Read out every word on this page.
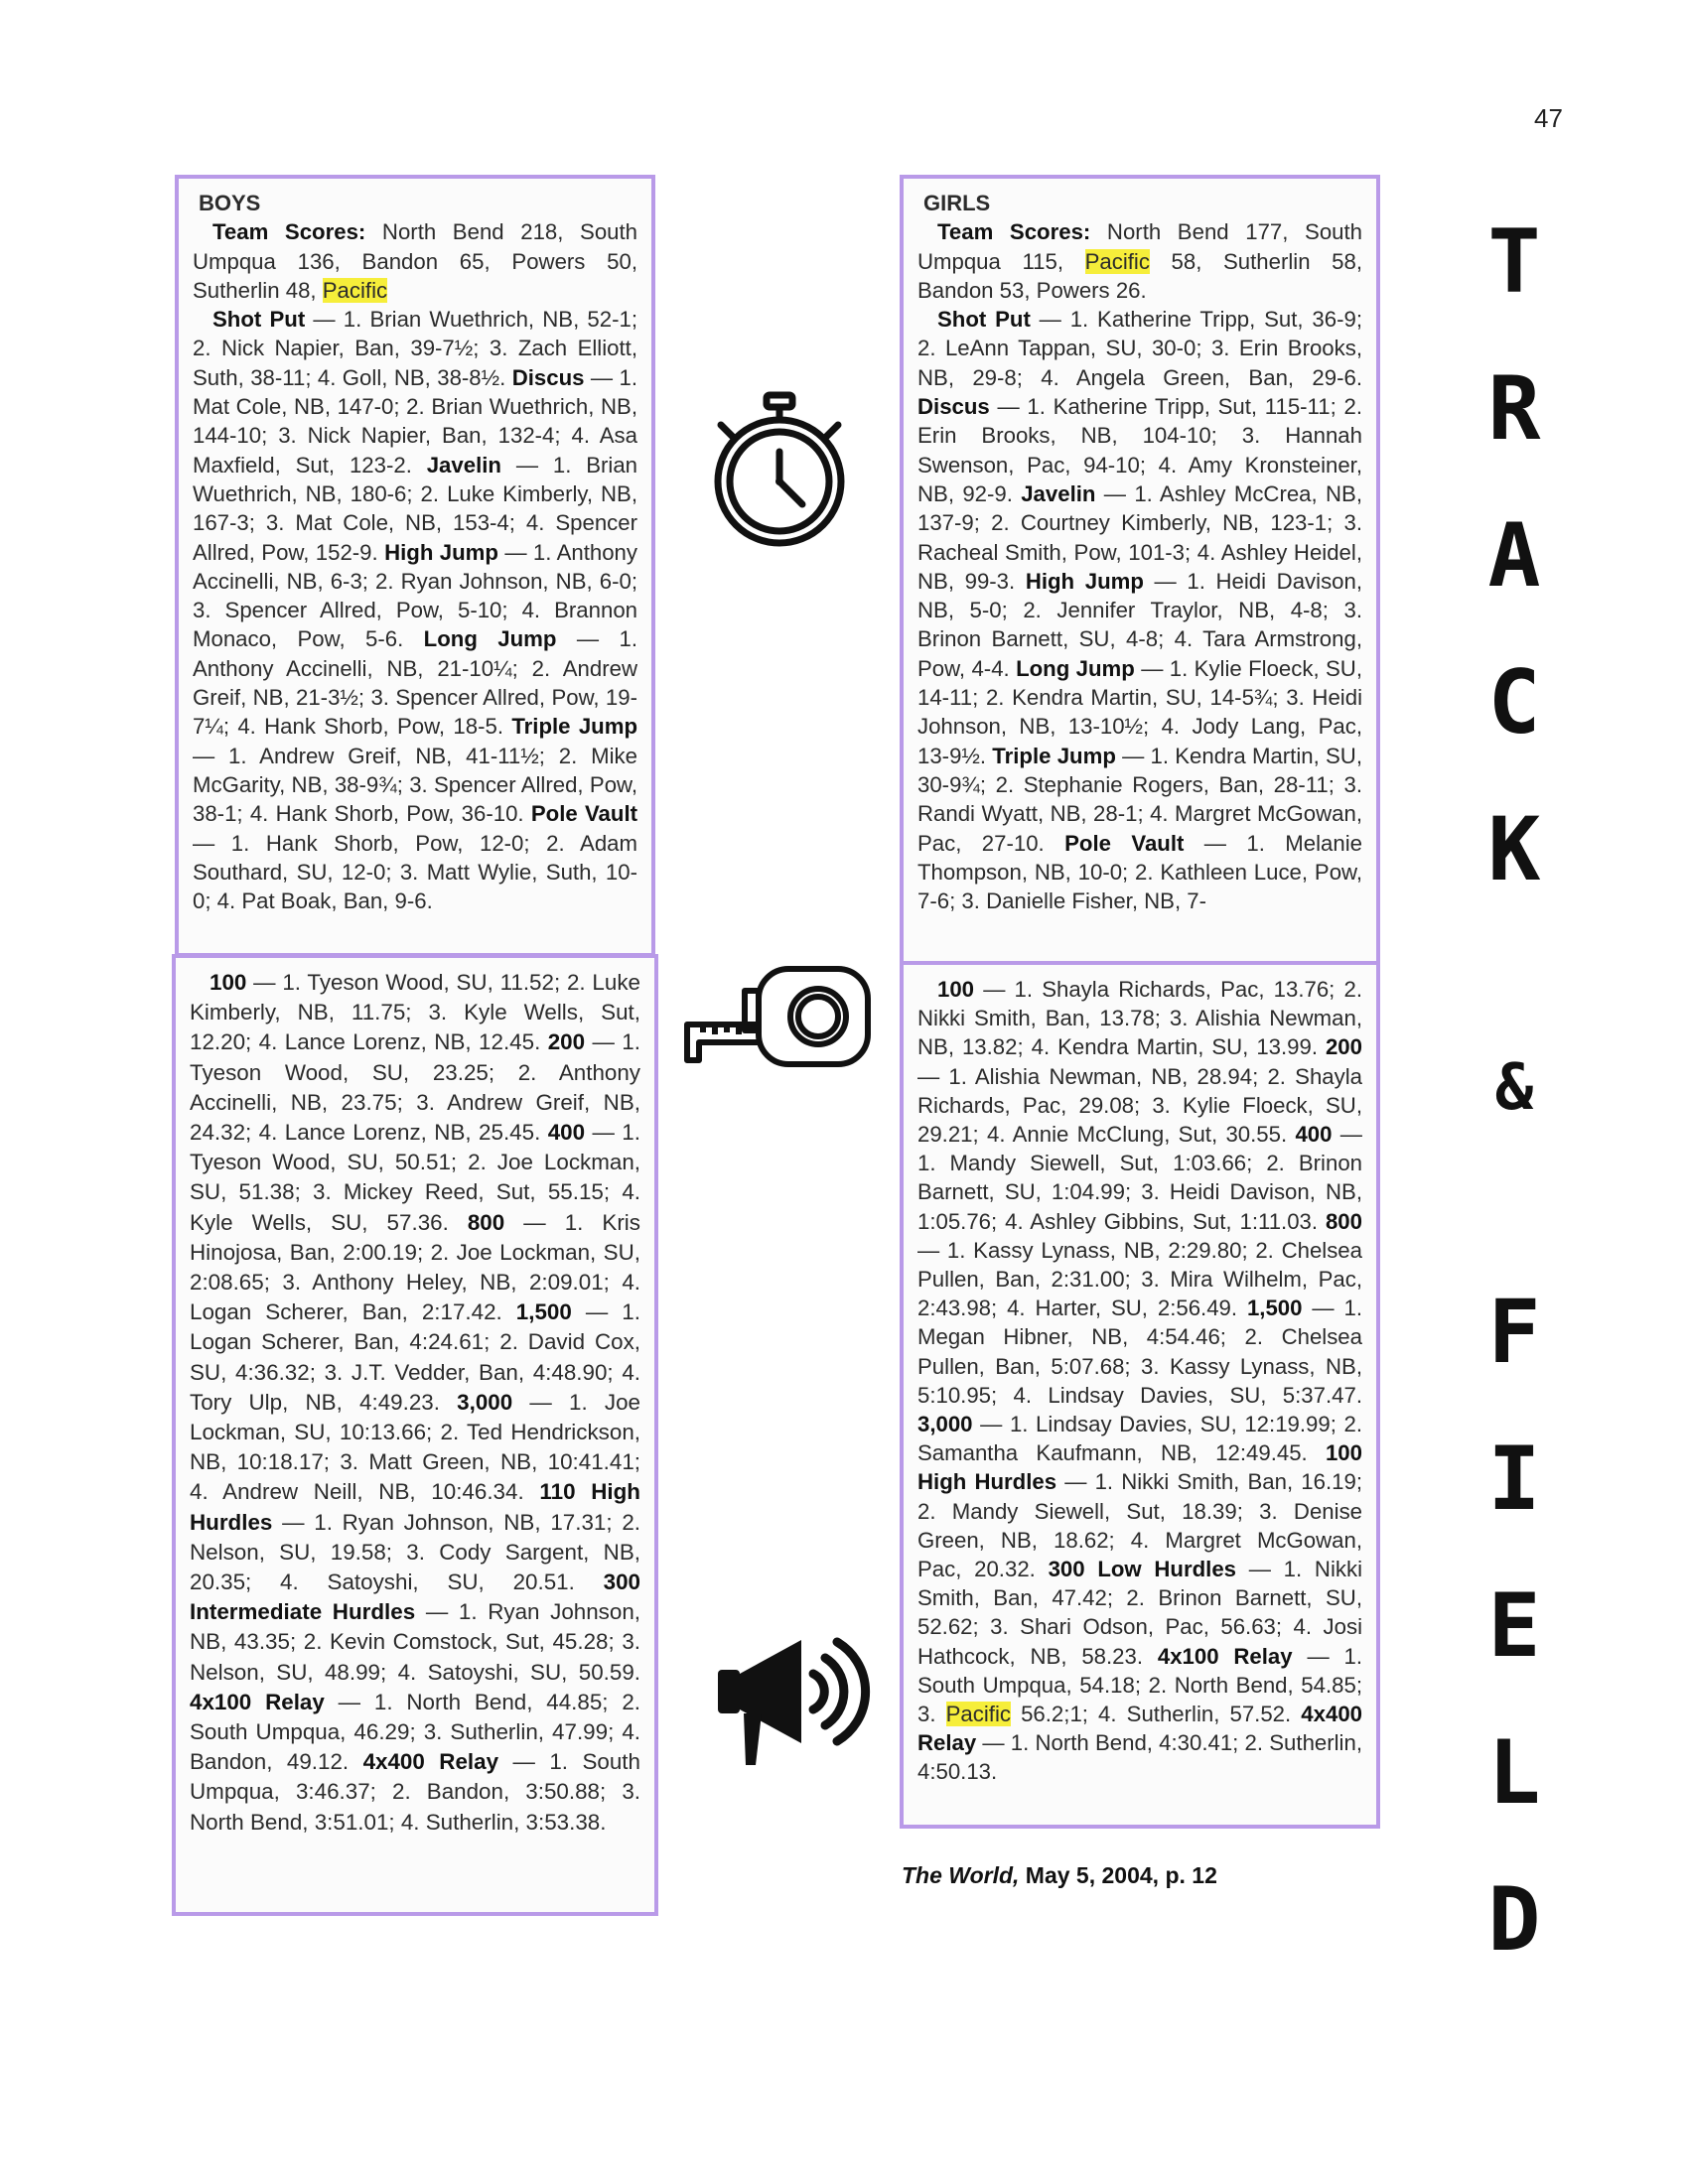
47
BOYS

Team Scores: North Bend 218, South Umpqua 136, Bandon 65, Powers 50, Sutherlin 48, Pacific

Shot Put — 1. Brian Wuethrich, NB, 52-1; 2. Nick Napier, Ban, 39-7½; 3. Zach Elliott, Suth, 38-11; 4. Goll, NB, 38-8½. Discus — 1. Mat Cole, NB, 147-0; 2. Brian Wuethrich, NB, 144-10; 3. Nick Napier, Ban, 132-4; 4. Asa Maxfield, Sut, 123-2. Javelin — 1. Brian Wuethrich, NB, 180-6; 2. Luke Kimberly, NB, 167-3; 3. Mat Cole, NB, 153-4; 4. Spencer Allred, Pow, 152-9. High Jump — 1. Anthony Accinelli, NB, 6-3; 2. Ryan Johnson, NB, 6-0; 3. Spencer Allred, Pow, 5-10; 4. Brannon Monaco, Pow, 5-6. Long Jump — 1. Anthony Accinelli, NB, 21-10¼; 2. Andrew Greif, NB, 21-3½; 3. Spencer Allred, Pow, 19-7¼; 4. Hank Shorb, Pow, 18-5. Triple Jump — 1. Andrew Greif, NB, 41-11½; 2. Mike McGarity, NB, 38-9¾; 3. Spencer Allred, Pow, 38-1; 4. Hank Shorb, Pow, 36-10. Pole Vault — 1. Hank Shorb, Pow, 12-0; 2. Adam Southard, SU, 12-0; 3. Matt Wylie, Suth, 10-0; 4. Pat Boak, Ban, 9-6.

100 — 1. Tyeson Wood, SU, 11.52; 2. Luke Kimberly, NB, 11.75; 3. Kyle Wells, Sut, 12.20; 4. Lance Lorenz, NB, 12.45. 200 — 1. Tyeson Wood, SU, 23.25; 2. Anthony Accinelli, NB, 23.75; 3. Andrew Greif, NB, 24.32; 4. Lance Lorenz, NB, 25.45. 400 — 1. Tyeson Wood, SU, 50.51; 2. Joe Lockman, SU, 51.38; 3. Mickey Reed, Sut, 55.15; 4. Kyle Wells, SU, 57.36. 800 — 1. Kris Hinojosa, Ban, 2:00.19; 2. Joe Lockman, SU, 2:08.65; 3. Anthony Heley, NB, 2:09.01; 4. Logan Scherer, Ban, 2:17.42. 1,500 — 1. Logan Scherer, Ban, 4:24.61; 2. David Cox, SU, 4:36.32; 3. J.T. Vedder, Ban, 4:48.90; 4. Tory Ulp, NB, 4:49.23. 3,000 — 1. Joe Lockman, SU, 10:13.66; 2. Ted Hendrickson, NB, 10:18.17; 3. Matt Green, NB, 10:41.41; 4. Andrew Neill, NB, 10:46.34. 110 High Hurdles — 1. Ryan Johnson, NB, 17.31; 2. Nelson, SU, 19.58; 3. Cody Sargent, NB, 20.35; 4. Satoyshi, SU, 20.51. 300 Intermediate Hurdles — 1. Ryan Johnson, NB, 43.35; 2. Kevin Comstock, Sut, 45.28; 3. Nelson, SU, 48.99; 4. Satoyshi, SU, 50.59. 4x100 Relay — 1. North Bend, 44.85; 2. South Umpqua, 46.29; 3. Sutherlin, 47.99; 4. Bandon, 49.12. 4x400 Relay — 1. South Umpqua, 3:46.37; 2. Bandon, 3:50.88; 3. North Bend, 3:51.01; 4. Sutherlin, 3:53.38.

GIRLS

Team Scores: North Bend 177, South Umpqua 115, Pacific 58, Sutherlin 58, Bandon 53, Powers 26.

Shot Put — 1. Katherine Tripp, Sut, 36-9; 2. LeAnn Tappan, SU, 30-0; 3. Erin Brooks, NB, 29-8; 4. Angela Green, Ban, 29-6. Discus — 1. Katherine Tripp, Sut, 115-11; 2. Erin Brooks, NB, 104-10; 3. Hannah Swenson, Pac, 94-10; 4. Amy Kronsteiner, NB, 92-9. Javelin — 1. Ashley McCrea, NB, 137-9; 2. Courtney Kimberly, NB, 123-1; 3. Racheal Smith, Pow, 101-3; 4. Ashley Heidel, NB, 99-3. High Jump — 1. Heidi Davison, NB, 5-0; 2. Jennifer Traylor, NB, 4-8; 3. Brinon Barnett, SU, 4-8; 4. Tara Armstrong, Pow, 4-4. Long Jump — 1. Kylie Floeck, SU, 14-11; 2. Kendra Martin, SU, 14-5¾; 3. Heidi Johnson, NB, 13-10½; 4. Jody Lang, Pac, 13-9½. Triple Jump — 1. Kendra Martin, SU, 30-9¾; 2. Stephanie Rogers, Ban, 28-11; 3. Randi Wyatt, NB, 28-1; 4. Margret McGowan, Pac, 27-10. Pole Vault — 1. Melanie Thompson, NB, 10-0; 2. Kathleen Luce, Pow, 7-6; 3. Danielle Fisher, NB, 7-

100 — 1. Shayla Richards, Pac, 13.76; 2. Nikki Smith, Ban, 13.78; 3. Alishia Newman, NB, 13.82; 4. Kendra Martin, SU, 13.99. 200 — 1. Alishia Newman, NB, 28.94; 2. Shayla Richards, Pac, 29.08; 3. Kylie Floeck, SU, 29.21; 4. Annie McClung, Sut, 30.55. 400 — 1. Mandy Siewell, Sut, 1:03.66; 2. Brinon Barnett, SU, 1:04.99; 3. Heidi Davison, NB, 1:05.76; 4. Ashley Gibbins, Sut, 1:11.03. 800 — 1. Kassy Lynass, NB, 2:29.80; 2. Chelsea Pullen, Ban, 2:31.00; 3. Mira Wilhelm, Pac, 2:43.98; 4. Harter, SU, 2:56.49. 1,500 — 1. Megan Hibner, NB, 4:54.46; 2. Chelsea Pullen, Ban, 5:07.68; 3. Kassy Lynass, NB, 5:10.95; 4. Lindsay Davies, SU, 5:37.47. 3,000 — 1. Lindsay Davies, SU, 12:19.99; 2. Samantha Kaufmann, NB, 12:49.45. 100 High Hurdles — 1. Nikki Smith, Ban, 16.19; 2. Mandy Siewell, Sut, 18.39; 3. Denise Green, NB, 18.62; 4. Margret McGowan, Pac, 20.32. 300 Low Hurdles — 1. Nikki Smith, Ban, 47.42; 2. Brinon Barnett, SU, 52.62; 3. Shari Odson, Pac, 56.63; 4. Josi Hathcock, NB, 58.23. 4x100 Relay — 1. South Umpqua, 54.18; 2. North Bend, 54.85; 3. Pacific 56.2;1; 4. Sutherlin, 57.52. 4x400 Relay — 1. North Bend, 4:30.41; 2. Sutherlin, 4:50.13.

The World, May 5, 2004, p. 12
T
R
A
C
K
&
F
I
E
L
D
